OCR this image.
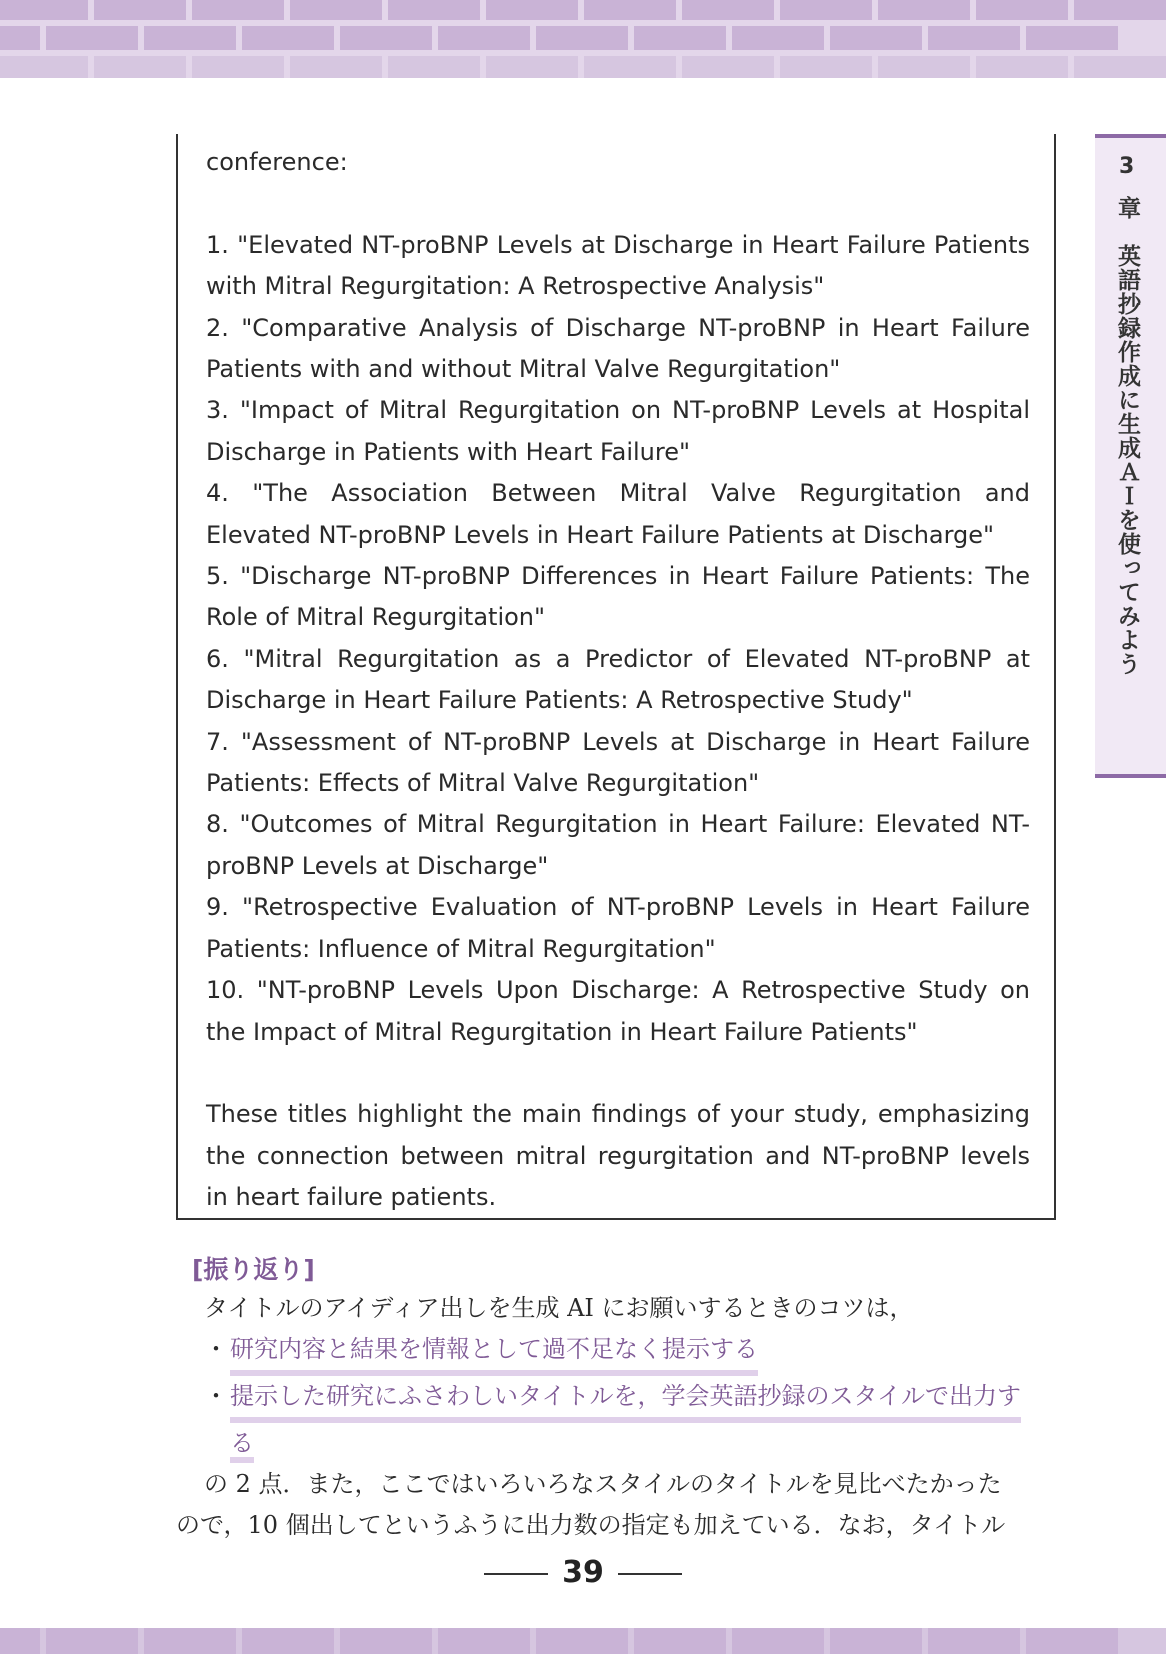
3
章　英語抄録作成に生成ＡＩを使ってみよう

conference:

1. "Elevated NT-proBNP Levels at Discharge in Heart Failure Patients with Mitral Regurgitation: A Retrospective Analysis"

2. "Comparative Analysis of Discharge NT-proBNP in Heart Failure Patients with and without Mitral Valve Regurgitation"

3. "Impact of Mitral Regurgitation on NT-proBNP Levels at Hospital Discharge in Patients with Heart Failure"

4. "The Association Between Mitral Valve Regurgitation and Elevated NT-proBNP Levels in Heart Failure Patients at Discharge"

5. "Discharge NT-proBNP Differences in Heart Failure Patients: The Role of Mitral Regurgitation"

6. "Mitral Regurgitation as a Predictor of Elevated NT-proBNP at Discharge in Heart Failure Patients: A Retrospective Study"

7. "Assessment of NT-proBNP Levels at Discharge in Heart Failure Patients: Effects of Mitral Valve Regurgitation"

8. "Outcomes of Mitral Regurgitation in Heart Failure: Elevated NT-proBNP Levels at Discharge"

9. "Retrospective Evaluation of NT-proBNP Levels in Heart Failure Patients: Influence of Mitral Regurgitation"

10. "NT-proBNP Levels Upon Discharge: A Retrospective Study on the Impact of Mitral Regurgitation in Heart Failure Patients"

These titles highlight the main findings of your study, emphasizing the connection between mitral regurgitation and NT-proBNP levels in heart failure patients.

[振り返り]
タイトルのアイディア出しを生成 AI にお願いするときのコツは，
・ 研究内容と結果を情報として過不足なく提示する
・ 提示した研究にふさわしいタイトルを，学会英語抄録のスタイルで出力す
る
の 2 点．また，ここではいろいろなスタイルのタイトルを見比べたかった
ので，10 個出してというふうに出力数の指定も加えている．なお，タイトル
39
